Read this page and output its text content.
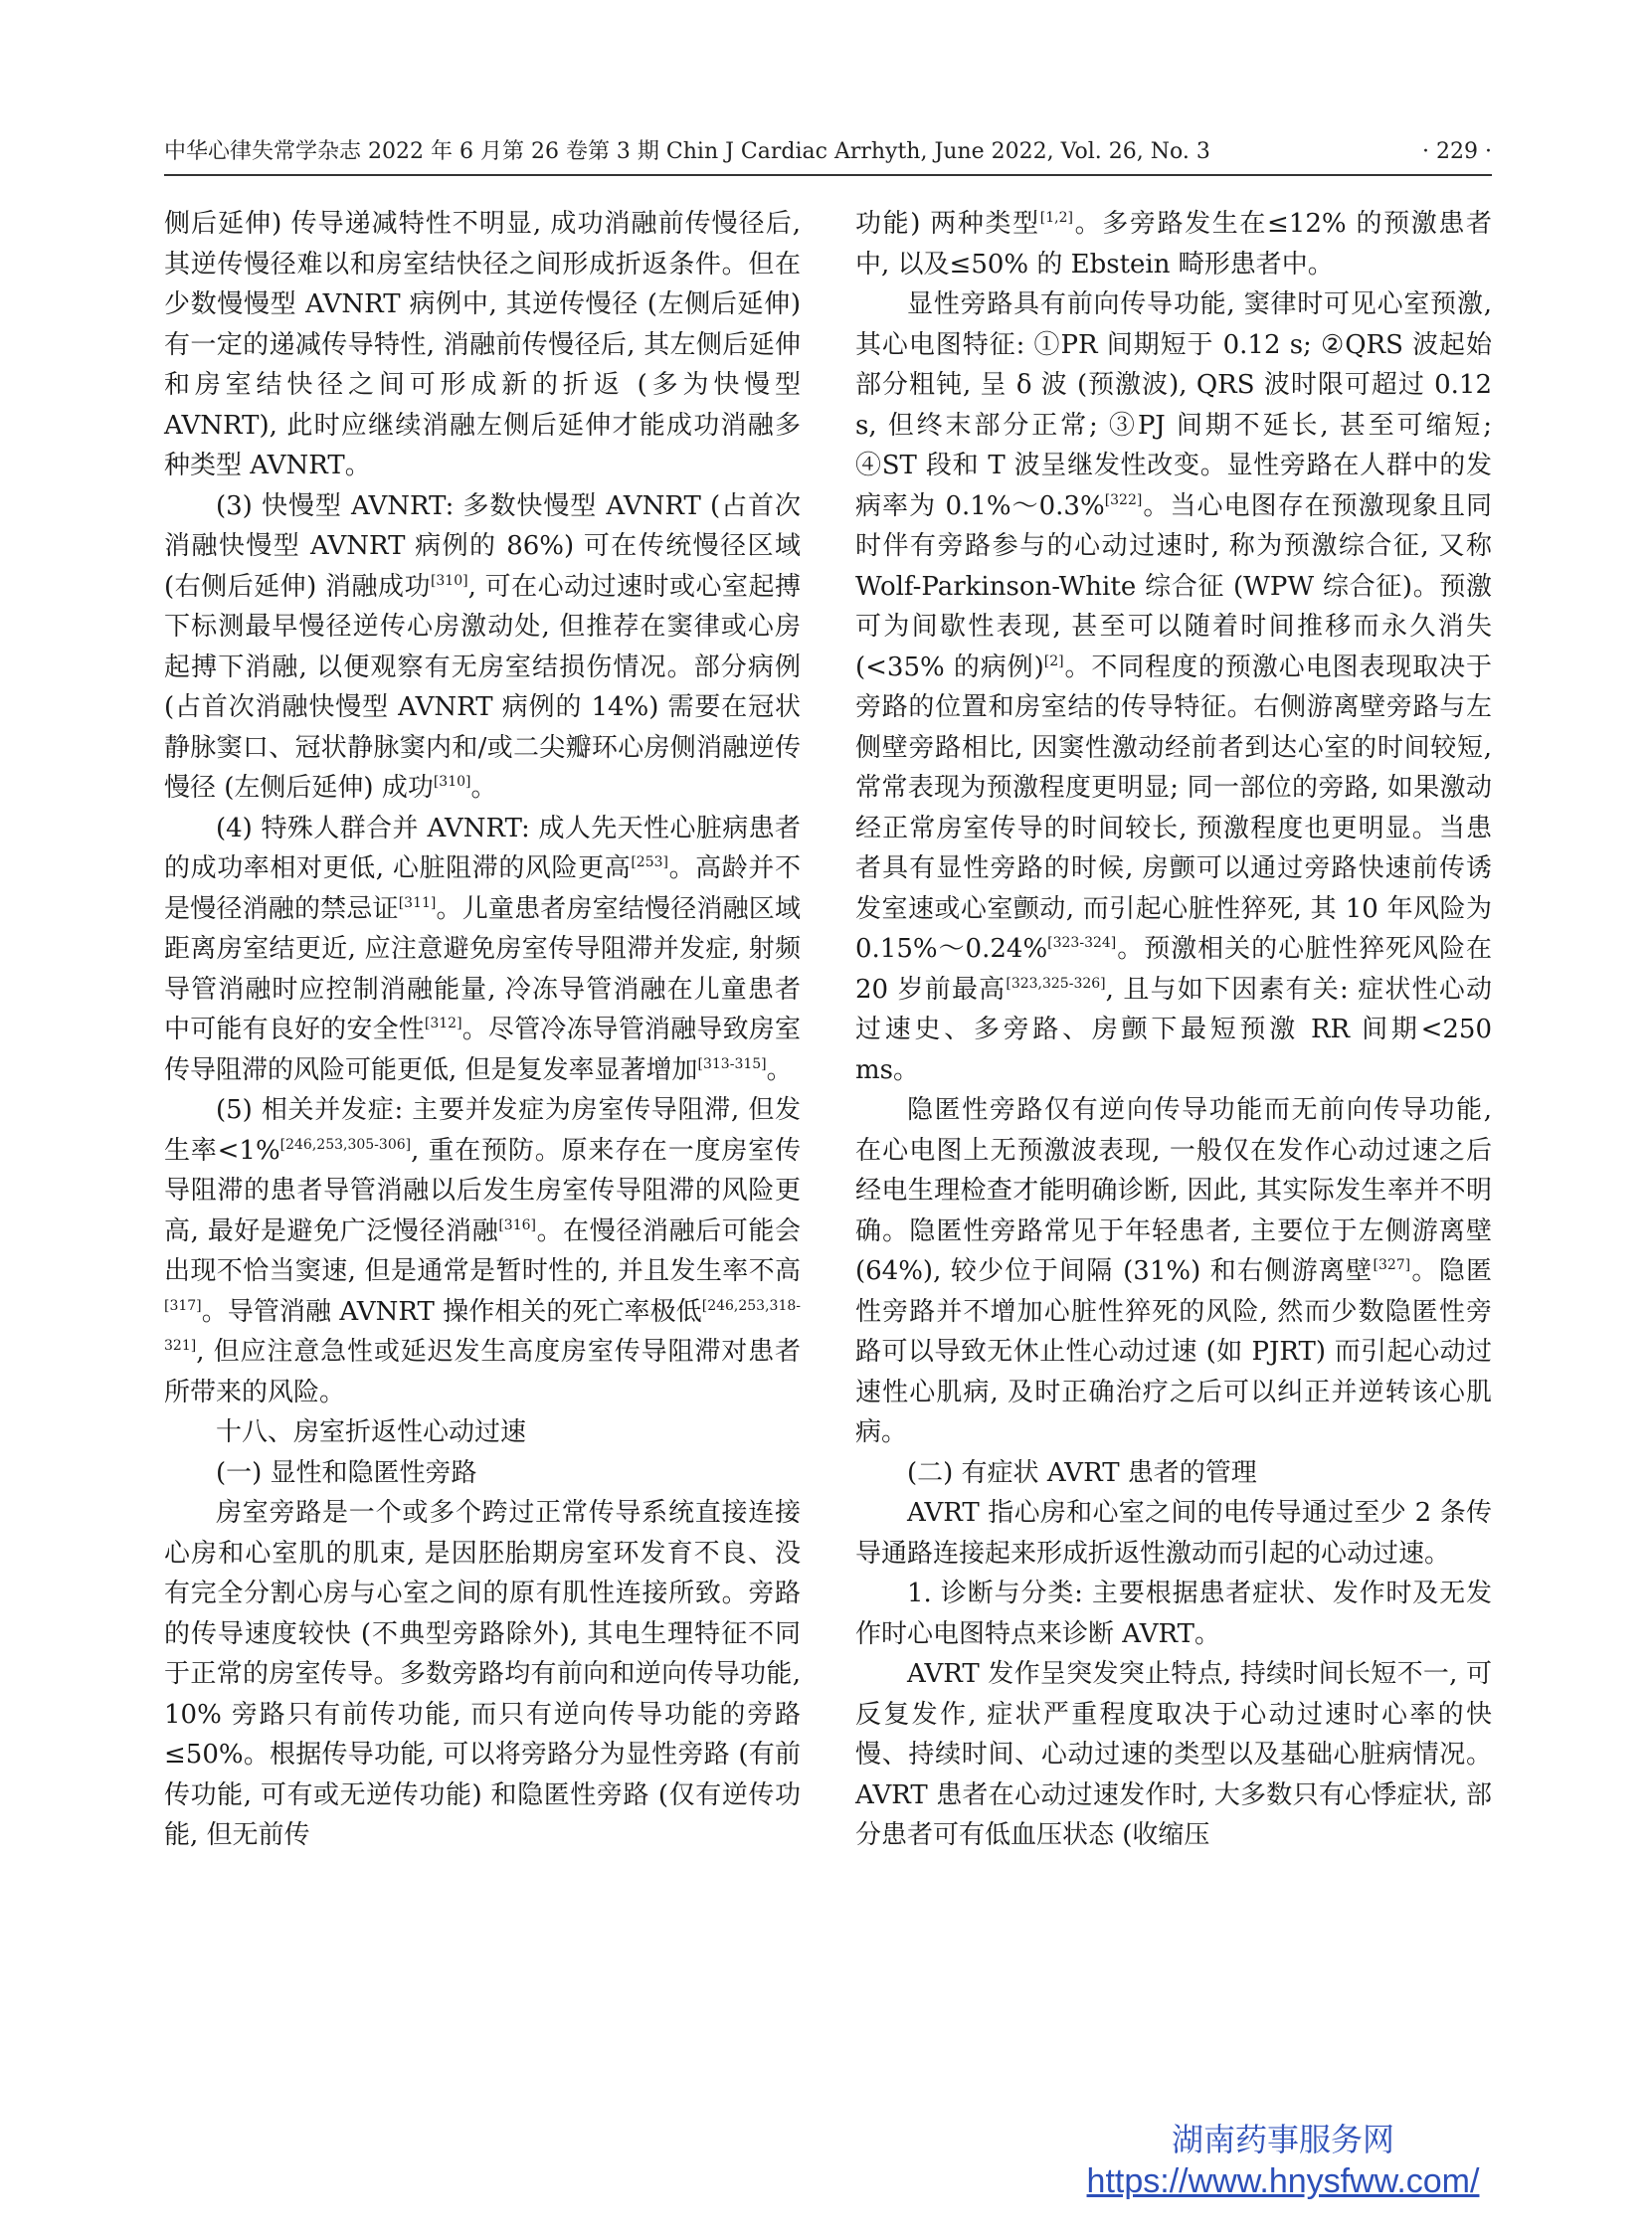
中华心律失常学杂志 2022 年 6 月第 26 卷第 3 期 Chin J Cardiac Arrhyth, June 2022, Vol. 26, No. 3	· 229 ·

侧后延伸) 传导递减特性不明显, 成功消融前传慢径后, 其逆传慢径难以和房室结快径之间形成折返条件。但在少数慢慢型 AVNRT 病例中, 其逆传慢径 (左侧后延伸) 有一定的递减传导特性, 消融前传慢径后, 其左侧后延伸和房室结快径之间可形成新的折返 (多为快慢型 AVNRT), 此时应继续消融左侧后延伸才能成功消融多种类型 AVNRT。

(3) 快慢型 AVNRT: 多数快慢型 AVNRT (占首次消融快慢型 AVNRT 病例的 86%) 可在传统慢径区域 (右侧后延伸) 消融成功[310], 可在心动过速时或心室起搏下标测最早慢径逆传心房激动处, 但推荐在窦律或心房起搏下消融, 以便观察有无房室结损伤情况。部分病例 (占首次消融快慢型 AVNRT 病例的 14%) 需要在冠状静脉窦口、冠状静脉窦内和/或二尖瓣环心房侧消融逆传慢径 (左侧后延伸) 成功[310]。

(4) 特殊人群合并 AVNRT: 成人先天性心脏病患者的成功率相对更低, 心脏阻滞的风险更高[253]。高龄并不是慢径消融的禁忌证[311]。儿童患者房室结慢径消融区域距离房室结更近, 应注意避免房室传导阻滞并发症, 射频导管消融时应控制消融能量, 冷冻导管消融在儿童患者中可能有良好的安全性[312]。尽管冷冻导管消融导致房室传导阻滞的风险可能更低, 但是复发率显著增加[313-315]。

(5) 相关并发症: 主要并发症为房室传导阻滞, 但发生率<1%[246,253,305-306], 重在预防。原来存在一度房室传导阻滞的患者导管消融以后发生房室传导阻滞的风险更高, 最好是避免广泛慢径消融[316]。在慢径消融后可能会出现不恰当窦速, 但是通常是暂时性的, 并且发生率不高[317]。导管消融 AVNRT 操作相关的死亡率极低[246,253,318-321], 但应注意急性或延迟发生高度房室传导阻滞对患者所带来的风险。

十八、房室折返性心动过速

(一) 显性和隐匿性旁路

房室旁路是一个或多个跨过正常传导系统直接连接心房和心室肌的肌束, 是因胚胎期房室环发育不良、没有完全分割心房与心室之间的原有肌性连接所致。旁路的传导速度较快 (不典型旁路除外), 其电生理特征不同于正常的房室传导。多数旁路均有前向和逆向传导功能, 10% 旁路只有前传功能, 而只有逆向传导功能的旁路≤50%。根据传导功能, 可以将旁路分为显性旁路 (有前传功能, 可有或无逆传功能) 和隐匿性旁路 (仅有逆传功能, 但无前传

功能) 两种类型[1,2]。多旁路发生在≤12% 的预激患者中, 以及≤50% 的 Ebstein 畸形患者中。

显性旁路具有前向传导功能, 窦律时可见心室预激, 其心电图特征: ①PR 间期短于 0.12 s; ②QRS 波起始部分粗钝, 呈 δ 波 (预激波), QRS 波时限可超过 0.12 s, 但终末部分正常; ③PJ 间期不延长, 甚至可缩短; ④ST 段和 T 波呈继发性改变。显性旁路在人群中的发病率为 0.1%～0.3%[322]。当心电图存在预激现象且同时伴有旁路参与的心动过速时, 称为预激综合征, 又称 Wolf-Parkinson-White 综合征 (WPW 综合征)。预激可为间歇性表现, 甚至可以随着时间推移而永久消失 (<35% 的病例)[2]。不同程度的预激心电图表现取决于旁路的位置和房室结的传导特征。右侧游离壁旁路与左侧壁旁路相比, 因窦性激动经前者到达心室的时间较短, 常常表现为预激程度更明显; 同一部位的旁路, 如果激动经正常房室传导的时间较长, 预激程度也更明显。当患者具有显性旁路的时候, 房颤可以通过旁路快速前传诱发室速或心室颤动, 而引起心脏性猝死, 其 10 年风险为 0.15%～0.24%[323-324]。预激相关的心脏性猝死风险在 20 岁前最高[323,325-326], 且与如下因素有关: 症状性心动过速史、多旁路、房颤下最短预激 RR 间期<250 ms。

隐匿性旁路仅有逆向传导功能而无前向传导功能, 在心电图上无预激波表现, 一般仅在发作心动过速之后经电生理检查才能明确诊断, 因此, 其实际发生率并不明确。隐匿性旁路常见于年轻患者, 主要位于左侧游离壁 (64%), 较少位于间隔 (31%) 和右侧游离壁[327]。隐匿性旁路并不增加心脏性猝死的风险, 然而少数隐匿性旁路可以导致无休止性心动过速 (如 PJRT) 而引起心动过速性心肌病, 及时正确治疗之后可以纠正并逆转该心肌病。

(二) 有症状 AVRT 患者的管理

AVRT 指心房和心室之间的电传导通过至少 2 条传导通路连接起来形成折返性激动而引起的心动过速。

1. 诊断与分类: 主要根据患者症状、发作时及无发作时心电图特点来诊断 AVRT。

AVRT 发作呈突发突止特点, 持续时间长短不一, 可反复发作, 症状严重程度取决于心动过速时心率的快慢、持续时间、心动过速的类型以及基础心脏病情况。AVRT 患者在心动过速发作时, 大多数只有心悸症状, 部分患者可有低血压状态 (收缩压

湖南药事服务网
https://www.hnysfww.com/
